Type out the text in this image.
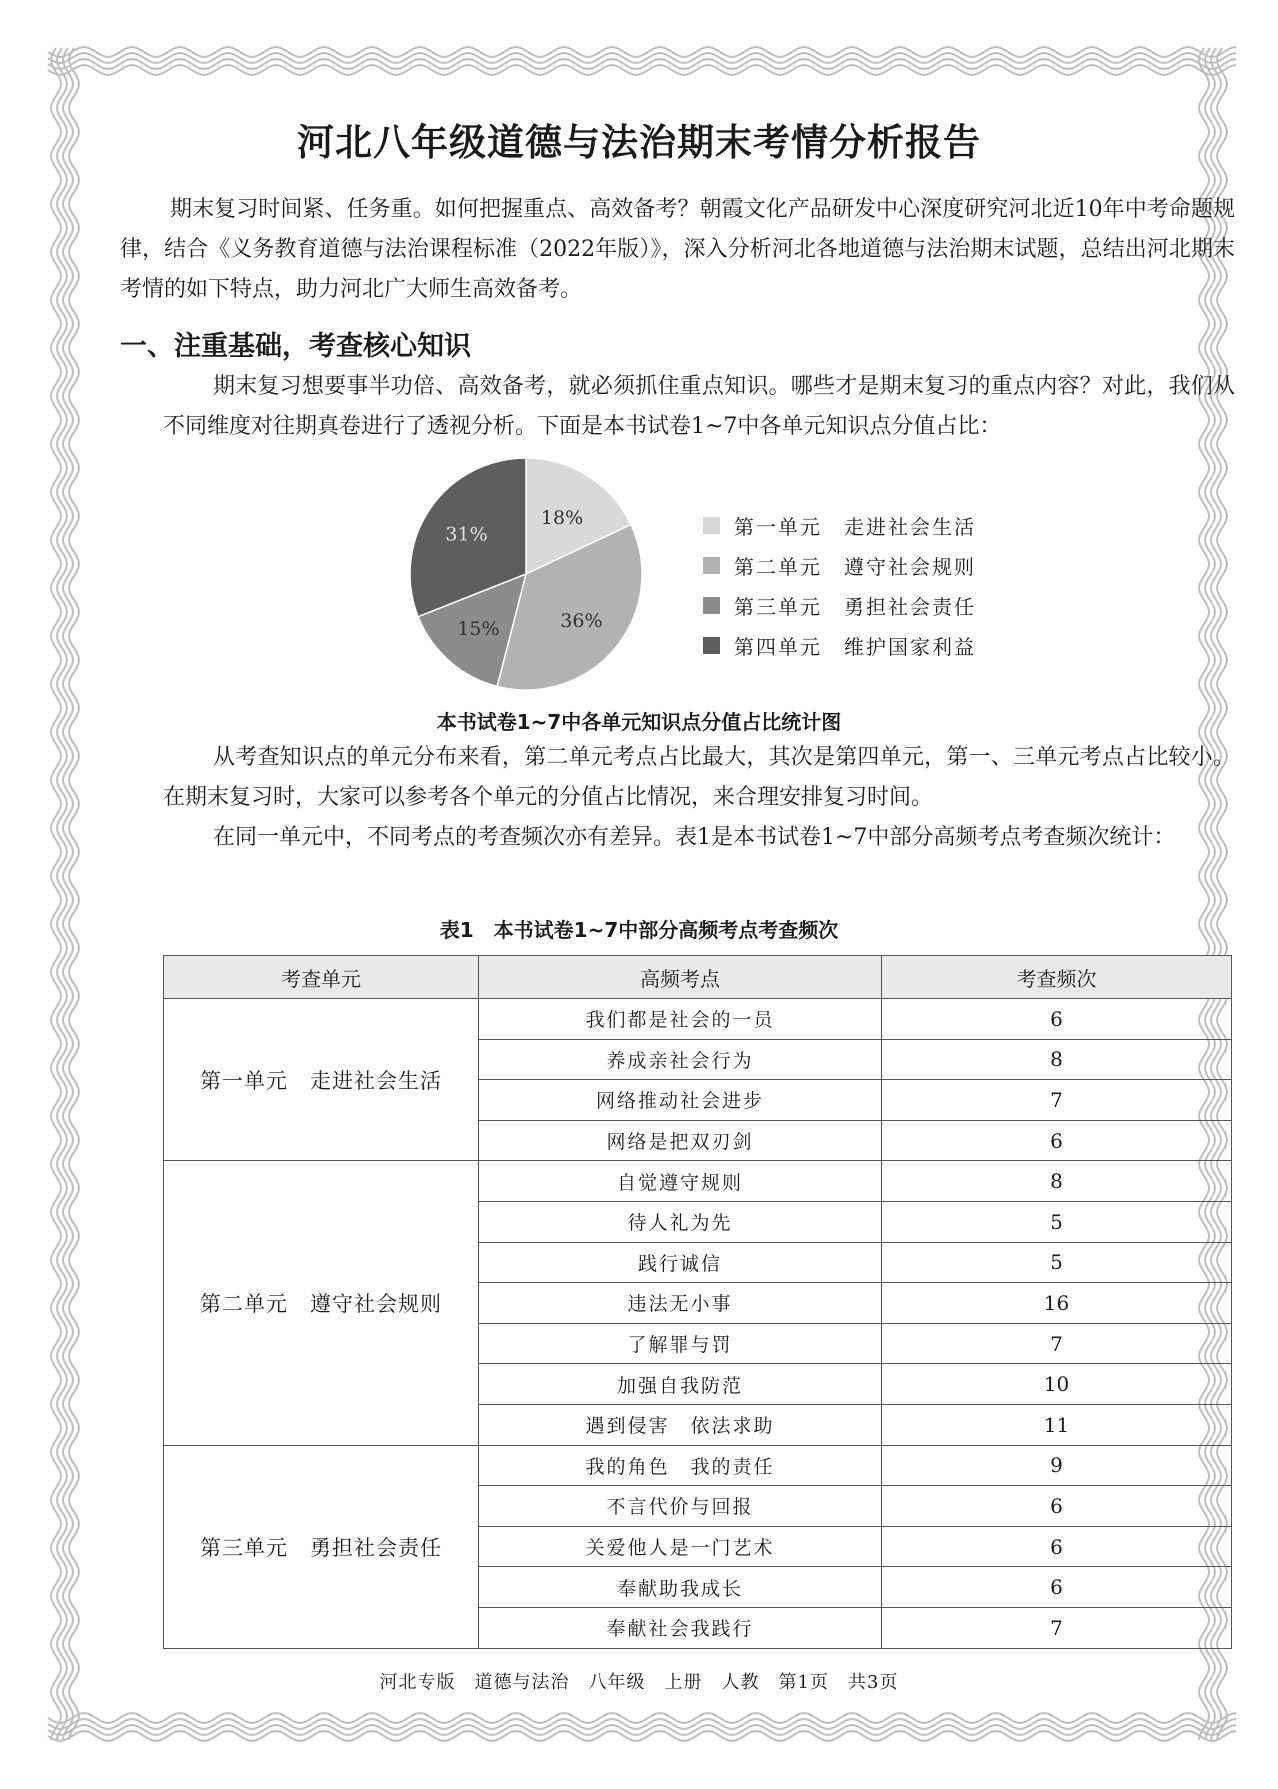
河北八年级道德与法治期末考情分析报告

期末复习时间紧、任务重。如何把握重点、高效备考？朝霞文化产品研发中心深度研究河北近10年中考命题规律，结合《义务教育道德与法治课程标准（2022年版）》，深入分析河北各地道德与法治期末试题，总结出河北期末考情的如下特点，助力河北广大师生高效备考。

一、注重基础，考查核心知识

期末复习想要事半功倍、高效备考，就必须抓住重点知识。哪些才是期末复习的重点内容？对此，我们从不同维度对往期真卷进行了透视分析。下面是本书试卷1~7中各单元知识点分值占比：

18%
36%
15%
31%	第一单元	走进社会生活
第二单元	遵守社会规则
第三单元	勇担社会责任
第四单元	维护国家利益
本书试卷1~7中各单元知识点分值占比统计图

从考查知识点的单元分布来看，第二单元考点占比最大，其次是第四单元，第一、三单元考点占比较小。在期末复习时，大家可以参考各个单元的分值占比情况，来合理安排复习时间。

在同一单元中，不同考点的考查频次亦有差异。表1是本书试卷1~7中部分高频考点考查频次统计：

表1　本书试卷1~7中部分高频考点考查频次
考查单元	高频考点	考查频次
第一单元　走进社会生活	我们都是社会的一员	6
	养成亲社会行为	8
	网络推动社会进步	7
	网络是把双刃剑	6
第二单元　遵守社会规则	自觉遵守规则	8
	待人礼为先	5
	践行诚信	5
	违法无小事	16
	了解罪与罚	7
	加强自我防范	10
	遇到侵害　依法求助	11
第三单元　勇担社会责任	我的角色　我的责任	9
	不言代价与回报	6
	关爱他人是一门艺术	6
	奉献助我成长	6
	奉献社会我践行	7
河北专版　道德与法治　八年级　上册　人教　第1页　共3页
